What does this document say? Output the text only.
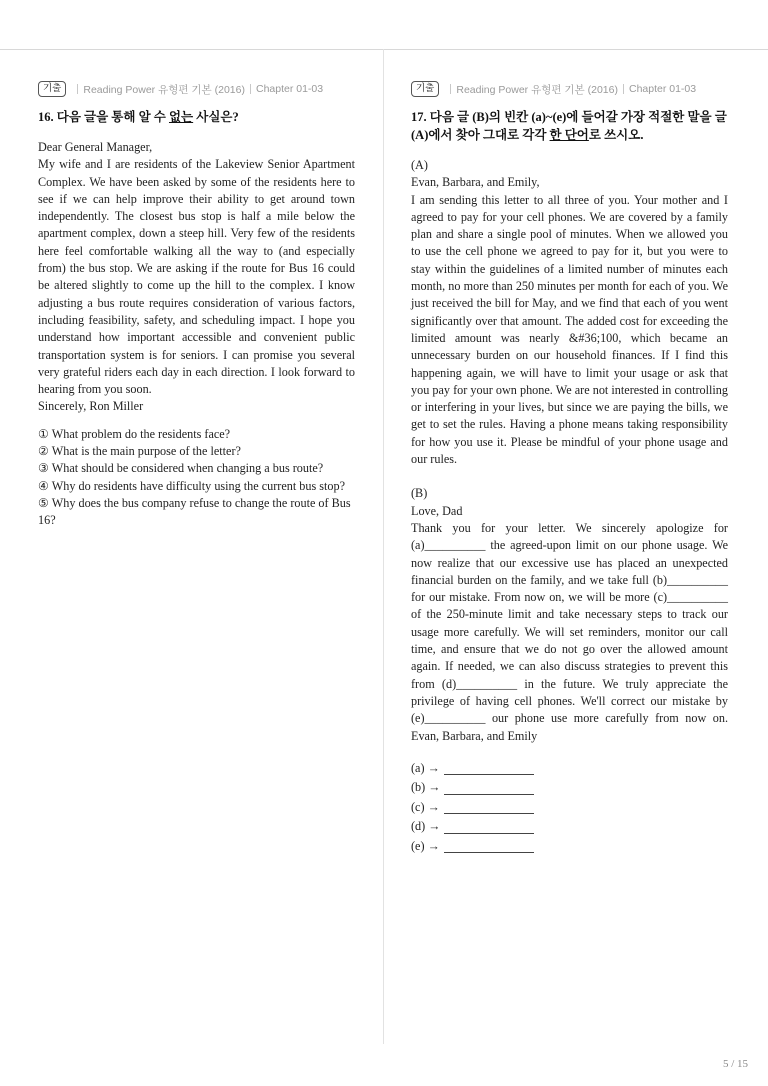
기출	Reading Power 유형편 기본 (2016) Chapter 01-03
16. 다음 글을 통해 알 수 없는 사실은?

Dear General Manager,

My wife and I are residents of the Lakeview Senior Apartment Complex. We have been asked by some of the residents here to see if we can help improve their ability to get around town independently. The closest bus stop is half a mile below the apartment complex, down a steep hill. Very few of the residents here feel comfortable walking all the way to (and especially from) the bus stop. We are asking if the route for Bus 16 could be altered slightly to come up the hill to the complex. I know adjusting a bus route requires consideration of various factors, including feasibility, safety, and scheduling impact. I hope you understand how important accessible and convenient public transportation system is for seniors. I can promise you several very grateful riders each day in each direction. I look forward to hearing from you soon.

Sincerely, Ron Miller

① What problem do the residents face?

② What is the main purpose of the letter?

③ What should be considered when changing a bus route?

④ Why do residents have difficulty using the current bus stop?

⑤ Why does the bus company refuse to change the route of Bus 16?

기출	Reading Power 유형편 기본 (2016) Chapter 01-03
17. 다음 글 (B)의 빈칸 (a)~(e)에 들어갈 가장 적절한 말을 글
(A)에서 찾아 그대로 각각 한 단어로 쓰시오.

(A)

Evan, Barbara, and Emily,

I am sending this letter to all three of you. Your mother and I agreed to pay for your cell phones. We are covered by a family plan and share a single pool of minutes. When we allowed you to use the cell phone we agreed to pay for it, but you were to stay within the guidelines of a limited number of minutes each month, no more than 250 minutes per month for each of you. We just received the bill for May, and we find that each of you went significantly over that amount. The added cost for exceeding the limited amount was nearly &#36;100, which became an unnecessary burden on our household finances. If I find this happening again, we will have to limit your usage or ask that you pay for your own phone. We are not interested in controlling or interfering in your lives, but since we are paying the bills, we get to set the rules. Having a phone means taking responsibility for how you use it. Please be mindful of your phone usage and our rules.

(B)

Love, Dad

Thank you for your letter. We sincerely apologize for (a)__________ the agreed-upon limit on our phone usage. We now realize that our excessive use has placed an unexpected financial burden on the family, and we take full (b)__________ for our mistake. From now on, we will be more (c)__________ of the 250-minute limit and take necessary steps to track our usage more carefully. We will set reminders, monitor our call time, and ensure that we do not go over the allowed amount again. If needed, we can also discuss strategies to prevent this from (d)__________ in the future. We truly appreciate the privilege of having cell phones. We'll correct our mistake by (e)__________ our phone use more carefully from now on. Evan, Barbara, and Emily

(a) →
(b) →
(c) →
(d) →
(e) →
5 / 15
